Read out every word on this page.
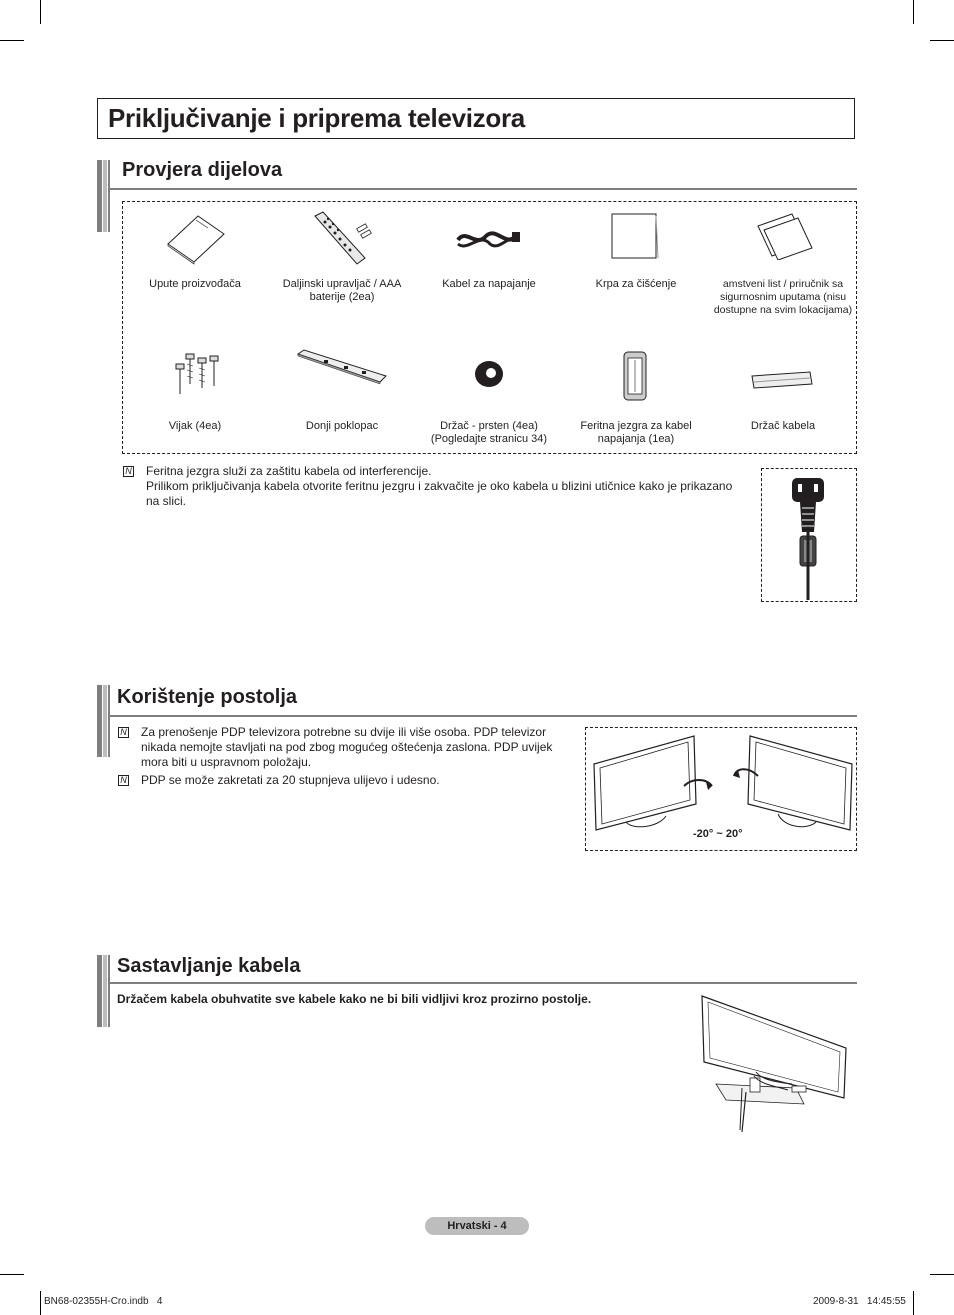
Priključivanje i priprema televizora
Provjera dijelova
Upute proizvođača	Daljinski upravljač / AAA baterije (2ea)
Kabel za napajanje	Krpa za čišćenje	amstveni list / priručnik sa sigurnosnim uputama (nisu dostupne na svim lokacijama)
Vijak (4ea)	Donji poklopac	Držač - prsten (4ea) (Pogledajte stranicu 34)
Feritna jezgra za kabel napajanja (1ea)
Držač kabela
N Feritna jezgra služi za zaštitu kabela od interferencije.
Prilikom priključivanja kabela otvorite feritnu jezgru i zakvačite je oko kabela u blizini utičnice kako je prikazano na slici.
Korištenje postolja
N Za prenošenje PDP televizora potrebne su dvije ili više osoba. PDP televizor nikada nemojte stavljati na pod zbog mogućeg oštećenja zaslona. PDP uvijek mora biti u uspravnom položaju.
N PDP se može zakretati za 20 stupnjeva ulijevo i udesno.
-20° ~ 20°
Sastavljanje kabela
Držačem kabela obuhvatite sve kabele kako ne bi bili vidljivi kroz prozirno postolje.
Hrvatski - 4
BN68-02355H-Cro.indb   4	2009-8-31   14:45:55
